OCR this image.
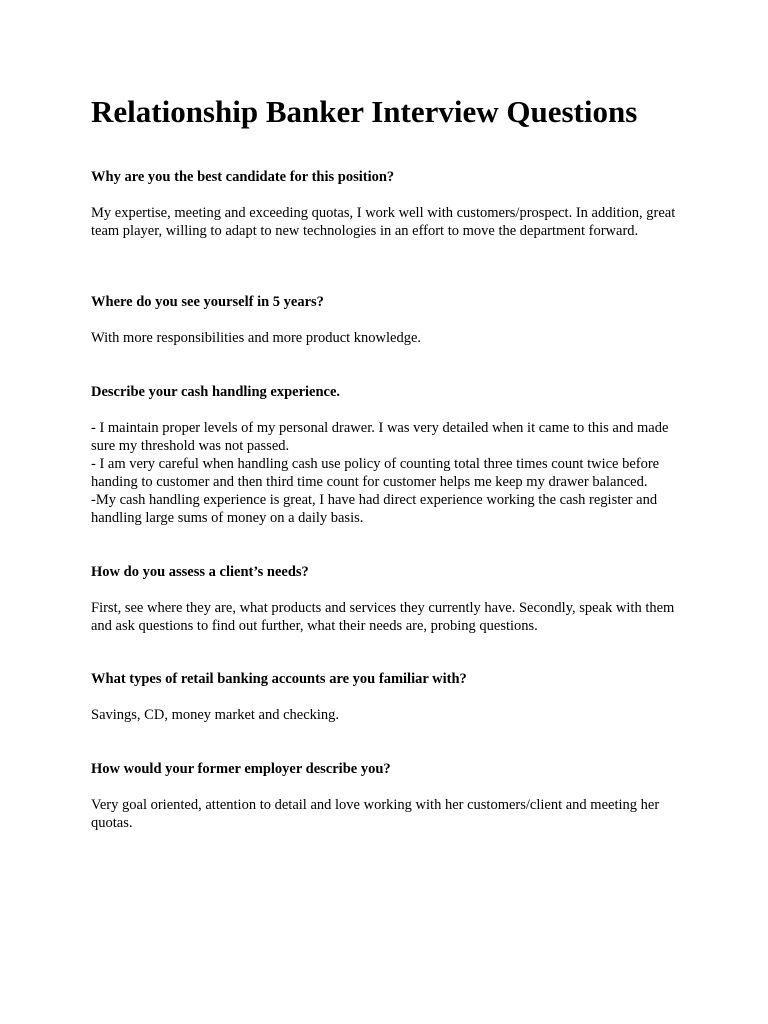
Relationship Banker Interview Questions

Why are you the best candidate for this position?

My expertise, meeting and exceeding quotas, I work well with customers/prospect. In addition, great team player, willing to adapt to new technologies in an effort to move the department forward.

Where do you see yourself in 5 years?

With more responsibilities and more product knowledge.

Describe your cash handling experience.

- I maintain proper levels of my personal drawer. I was very detailed when it came to this and made sure my threshold was not passed.
- I am very careful when handling cash use policy of counting total three times count twice before handing to customer and then third time count for customer helps me keep my drawer balanced.
-My cash handling experience is great, I have had direct experience working the cash register and handling large sums of money on a daily basis.

How do you assess a client’s needs?

First, see where they are, what products and services they currently have. Secondly, speak with them and ask questions to find out further, what their needs are, probing questions.

What types of retail banking accounts are you familiar with?

Savings, CD, money market and checking.

How would your former employer describe you?

Very goal oriented, attention to detail and love working with her customers/client and meeting her quotas.
